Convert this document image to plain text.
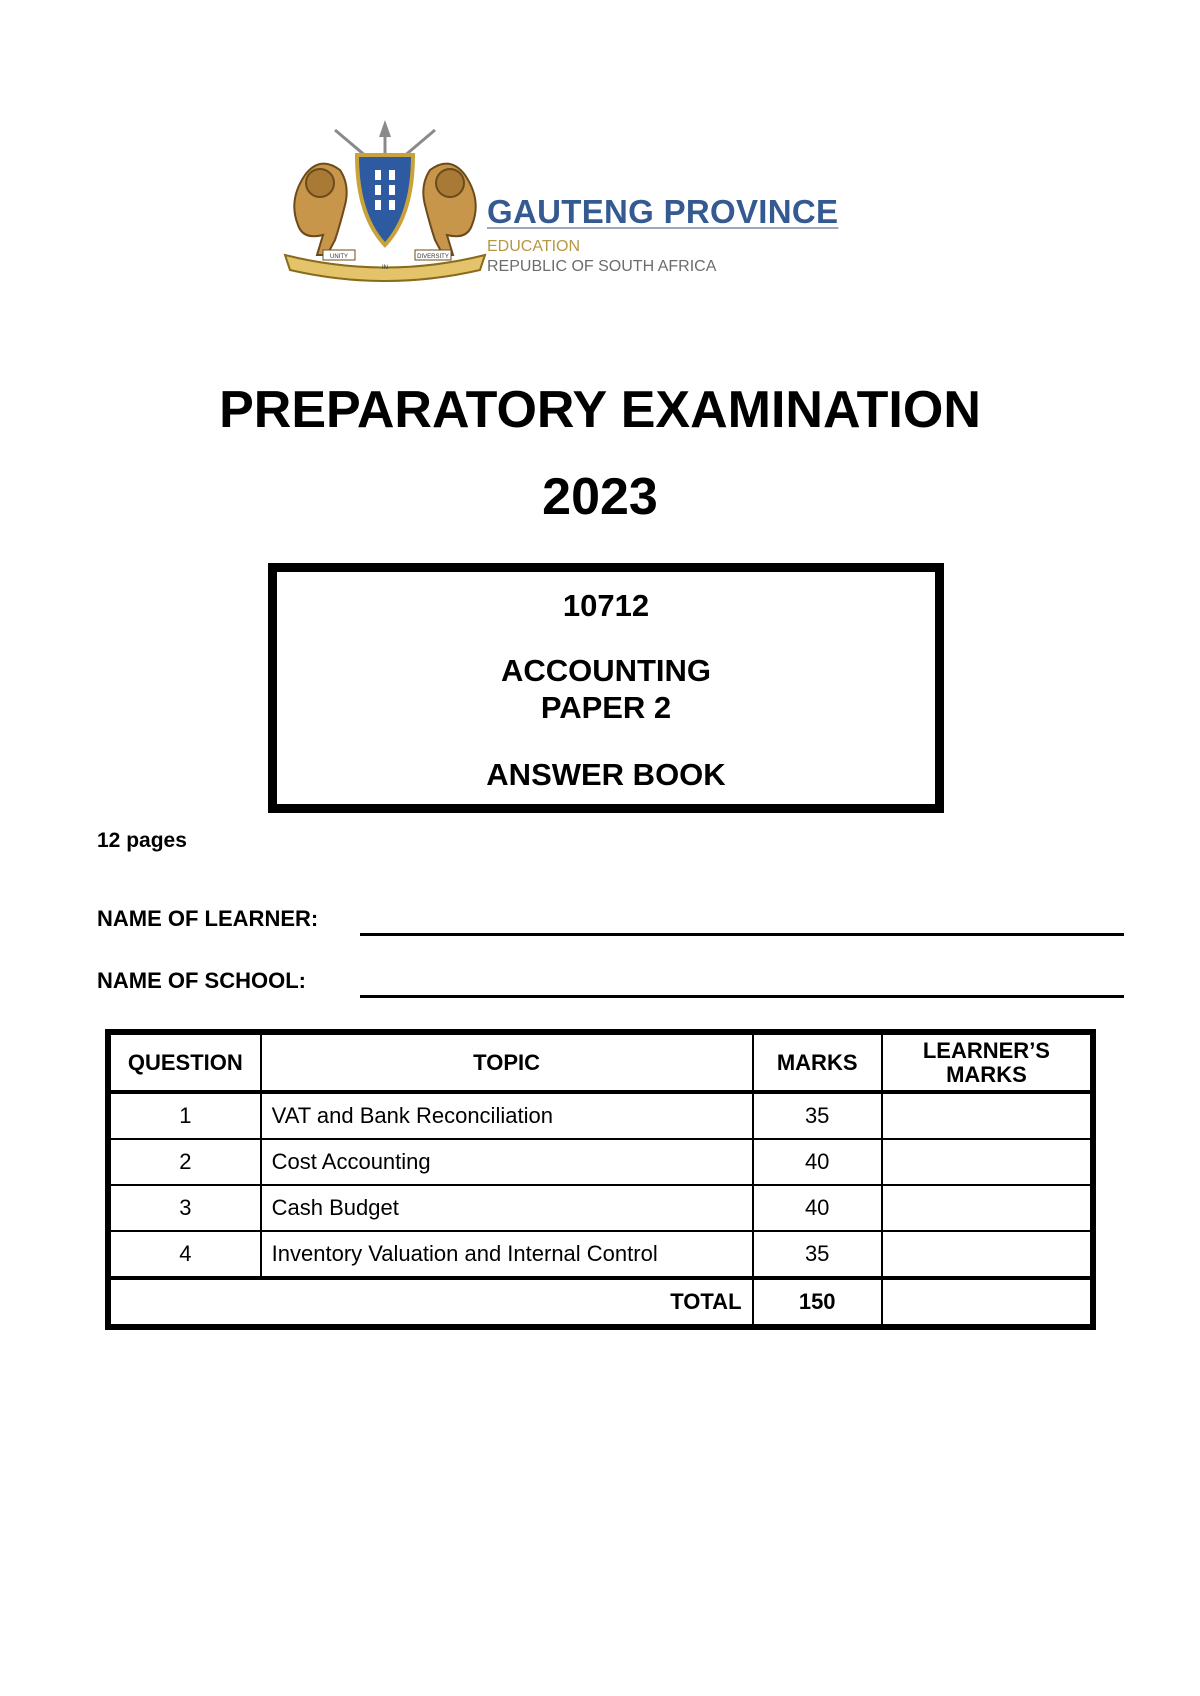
UNITY
IN
DIVERSITY
GAUTENG PROVINCE
EDUCATION
REPUBLIC OF SOUTH AFRICA
PREPARATORY EXAMINATION
2023
10712
ACCOUNTING
PAPER 2
ANSWER BOOK
12 pages
NAME OF LEARNER:
NAME OF SCHOOL:
QUESTION	TOPIC	MARKS	LEARNER’S MARKS
1	VAT and Bank Reconciliation	35	
2	Cost Accounting	40	
3	Cash Budget	40	
4	Inventory Valuation and Internal Control	35	
TOTAL		150	
